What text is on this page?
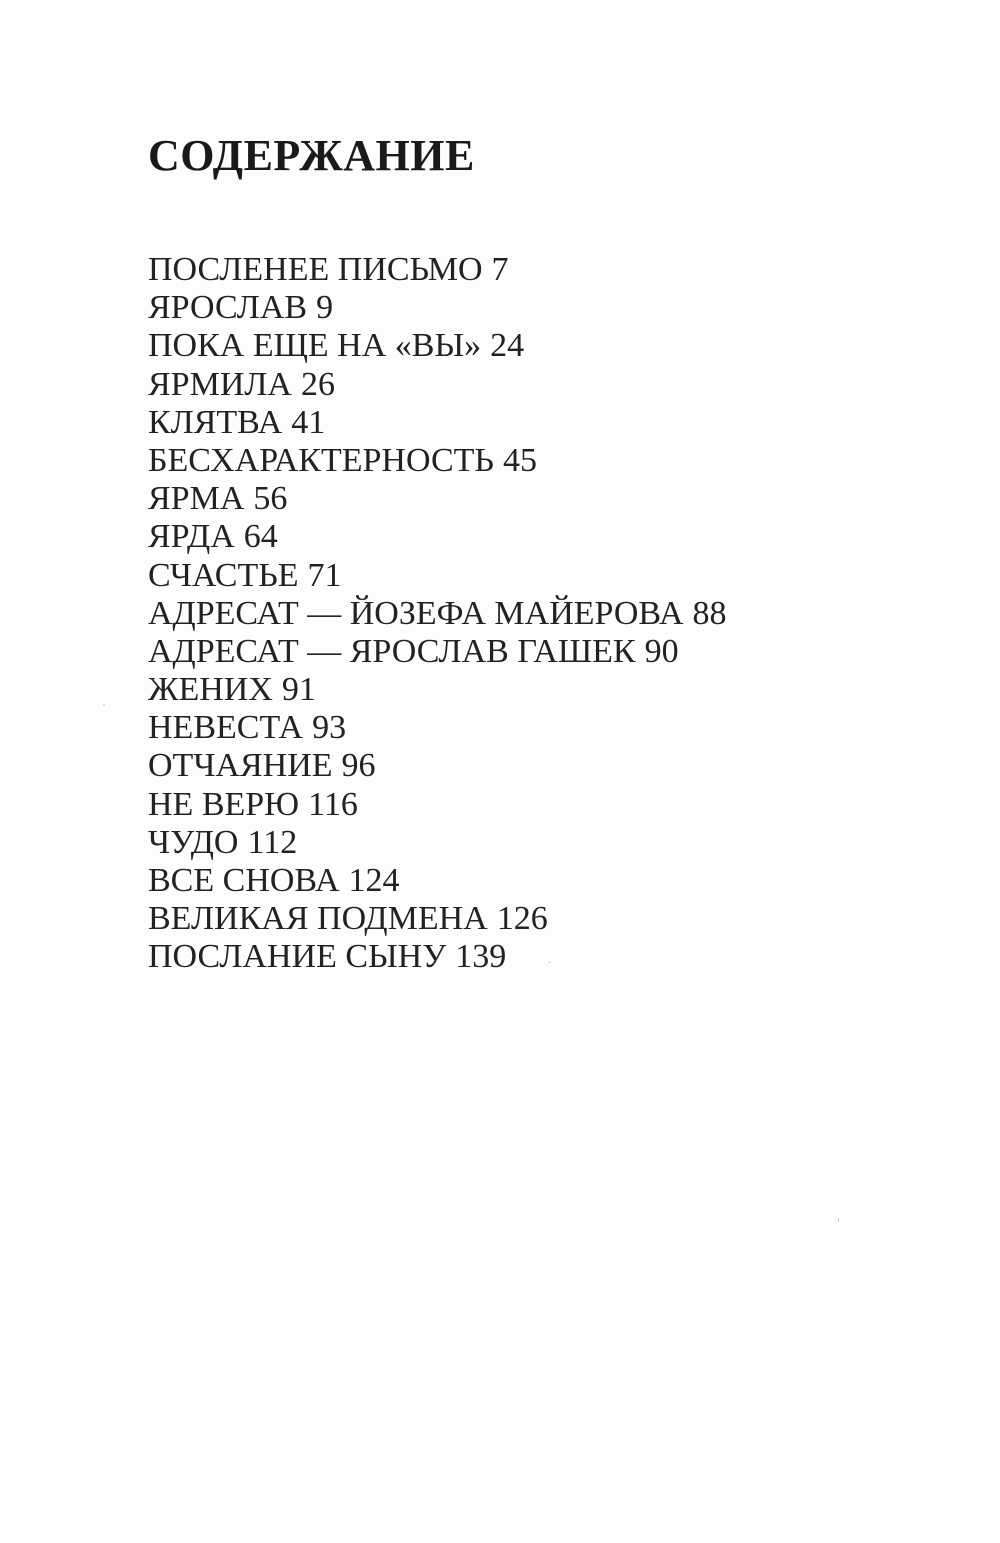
СОДЕРЖАНИЕ
ПОСЛЕНЕЕ ПИСЬМО 7
ЯРОСЛАВ 9
ПОКА ЕЩЕ НА «ВЫ» 24
ЯРМИЛА 26
КЛЯТВА 41
БЕСХАРАКТЕРНОСТЬ 45
ЯРМА 56
ЯРДА 64
СЧАСТЬЕ 71
АДРЕСАТ — ЙОЗЕФА МАЙЕРОВА 88
АДРЕСАТ — ЯРОСЛАВ ГАШЕК 90
ЖЕНИХ 91
НЕВЕСТА 93
ОТЧАЯНИЕ 96
НЕ ВЕРЮ 116
ЧУДО 112
ВСЕ СНОВА 124
ВЕЛИКАЯ ПОДМЕНА 126
ПОСЛАНИЕ СЫНУ 139
